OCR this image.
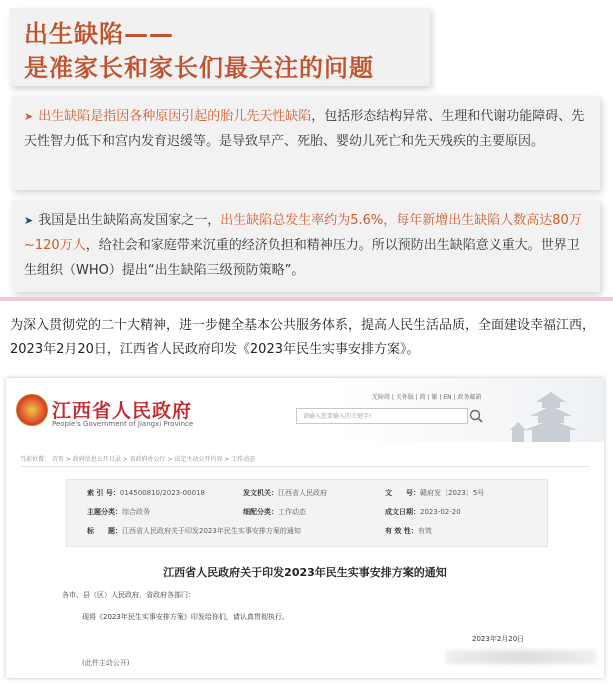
出生缺陷——
是准家长和家长们最关注的问题
➤ 出生缺陷是指因各种原因引起的胎儿先天性缺陷，包括形态结构异常、生理和代谢功能障碍、先天性智力低下和宫内发育迟缓等。是导致早产、死胎、婴幼儿死亡和先天残疾的主要原因。
➤ 我国是出生缺陷高发国家之一，出生缺陷总发生率约为5.6%，每年新增出生缺陷人数高达80万~120万人，给社会和家庭带来沉重的经济负担和精神压力。所以预防出生缺陷意义重大。世界卫生组织（WHO）提出“出生缺陷三级预防策略”。
为深入贯彻党的二十大精神，进一步健全基本公共服务体系，提高人民生活品质，全面建设幸福江西，2023年2月20日，江西省人民政府印发《2023年民生实事安排方案》。
江西省人民政府
People's Government of Jiangxi Province
无障碍 | 关怀版 | 简 | 繁 | EN | 政务邮箱
请输入您要输入的关键字!
当前位置： 首页 > 政府信息公开目录 > 省政府办公厅 > 法定主动公开内容 > 工作动态
索 引 号：014500810/2023-00018	发文机关：江西省人民政府	文　　号：赣府发〔2023〕5号
主题分类：综合政务	细配分类：工作动态	成文日期：2023-02-20
标　　题：江西省人民政府关于印发2023年民生实事安排方案的通知	有 效 性：有效
江西省人民政府关于印发2023年民生实事安排方案的通知
各市、县（区）人民政府，省政府各部门：
现将《2023年民生实事安排方案》印发给你们，请认真贯彻执行。
2023年2月20日
(此件主动公开)
